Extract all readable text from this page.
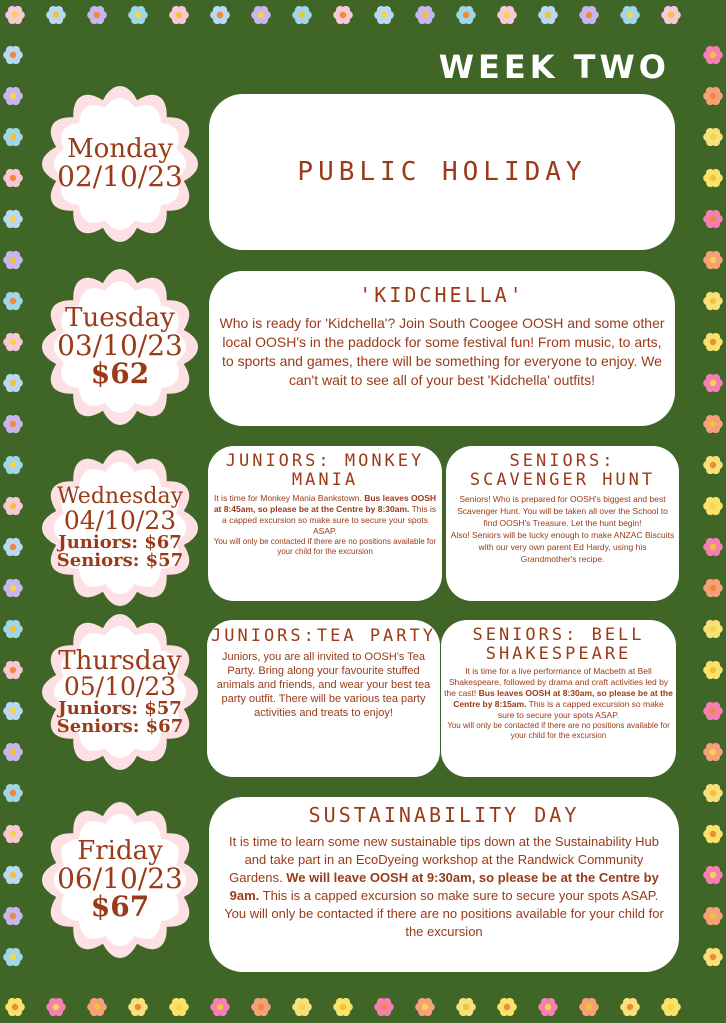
WEEK TWO
Monday
02/10/23	PUBLIC HOLIDAY
Tuesday
03/10/23
$62
'KIDCHELLA'
Who is ready for 'Kidchella'? Join South Coogee OOSH and some other local OOSH's in the paddock for some festival fun! From music, to arts, to sports and games, there will be something for everyone to enjoy. We can't wait to see all of your best 'Kidchella' outfits!
Wednesday
04/10/23
Juniors: $67
Seniors: $57
JUNIORS: MONKEY MANIA
It is time for Monkey Mania Bankstown. Bus leaves OOSH at 8:45am, so please be at the Centre by 8:30am. This is a capped excursion so make sure to secure your spots ASAP.
You will only be contacted if there are no positions available for your child for the excursion
SENIORS: SCAVENGER HUNT
Seniors! Who is prepared for OOSH's biggest and best Scavenger Hunt. You will be taken all over the School to find OOSH's Treasure. Let the hunt begin!
Also! Seniors will be lucky enough to make ANZAC Biscuits with our very own parent Ed Hardy, using his Grandmother's recipe.
Thursday
05/10/23
Juniors: $57
Seniors: $67
JUNIORS:TEA PARTY
Juniors, you are all invited to OOSH's Tea Party. Bring along your favourite stuffed animals and friends, and wear your best tea party outfit. There will be various tea party activities and treats to enjoy!
SENIORS: BELL SHAKESPEARE
It is time for a live performance of Macbeth at Bell Shakespeare, followed by drama and craft activities led by the cast! Bus leaves OOSH at 8:30am, so please be at the Centre by 8:15am. This is a capped excursion so make sure to secure your spots ASAP.
You will only be contacted if there are no positions available for your child for the excursion
Friday
06/10/23
$67
SUSTAINABILITY DAY
It is time to learn some new sustainable tips down at the Sustainability Hub and take part in an EcoDyeing workshop at the Randwick Community Gardens. We will leave OOSH at 9:30am, so please be at the Centre by 9am. This is a capped excursion so make sure to secure your spots ASAP.
You will only be contacted if there are no positions available for your child for the excursion
